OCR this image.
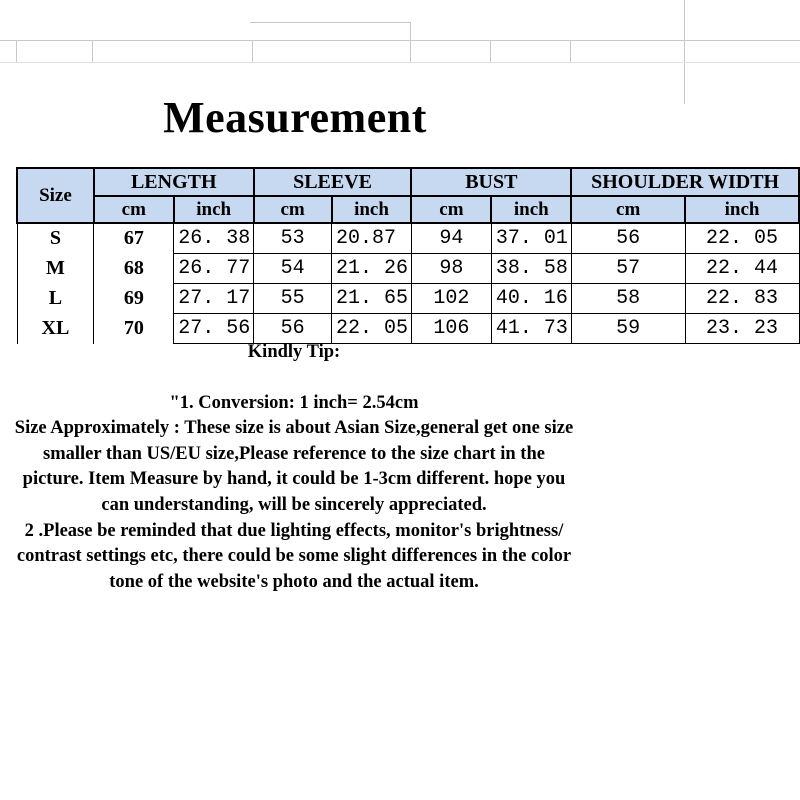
Measurement
Size	LENGTH		SLEEVE		BUST		SHOULDER WIDTH	
	cm	inch	cm	inch	cm	inch	cm	inch
S	67	26. 38	53	20.87	94	37. 01	56	22. 05
M	68	26. 77	54	21. 26	98	38. 58	57	22. 44
L	69	27. 17	55	21. 65	102	40. 16	58	22. 83
XL	70	27. 56	56	22. 05	106	41. 73	59	23. 23

Kindly Tip:

"1. Conversion: 1 inch= 2.54cm

Size Approximately : These size is about Asian Size,general get one size smaller than US/EU size,Please reference to the size chart in the picture. Item Measure by hand, it could be 1-3cm different. hope you can understanding, will be sincerely appreciated.

2 .Please be reminded that due lighting effects, monitor's brightness/ contrast settings etc, there could be some slight differences in the color tone of the website's photo and the actual item.
